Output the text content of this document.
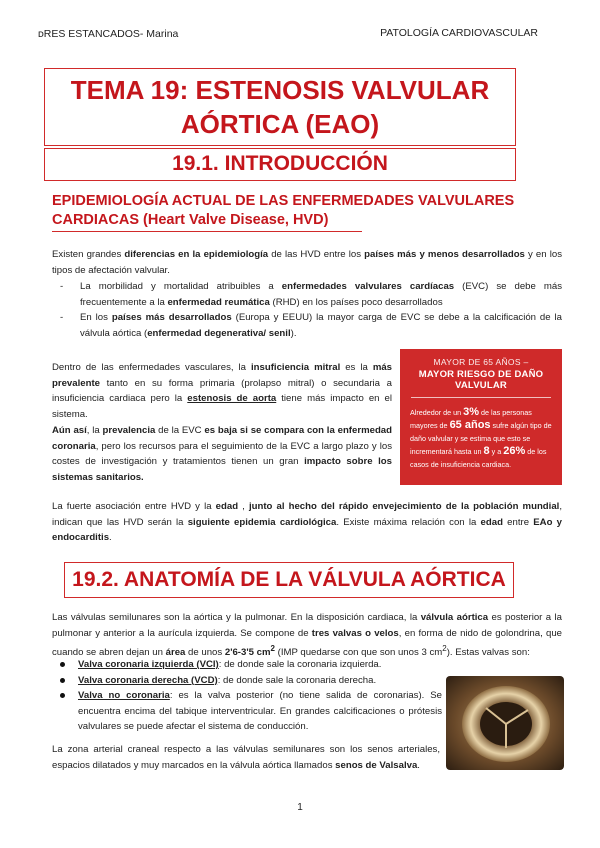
ᴅRES ESTANCADOS- Marina	PATOLOGÍA CARDIOVASCULAR
TEMA 19: ESTENOSIS VALVULAR
AÓRTICA (EAO)
19.1. INTRODUCCIÓN
EPIDEMIOLOGÍA ACTUAL DE LAS ENFERMEDADES VALVULARES
CARDIACAS (Heart Valve Disease, HVD)
Existen grandes diferencias en la epidemiología de las HVD entre los países más y menos desarrollados y en los tipos de afectación valvular.
- La morbilidad y mortalidad atribuibles a enfermedades valvulares cardíacas (EVC) se debe más frecuentemente a la enfermedad reumática (RHD) en los países poco desarrollados
- En los países más desarrollados (Europa y EEUU) la mayor carga de EVC se debe a la calcificación de la válvula aórtica (enfermedad degenerativa/ senil).
Dentro de las enfermedades vasculares, la insuficiencia mitral es la más prevalente tanto en su forma primaria (prolapso mitral) o secundaria a insuficiencia cardiaca pero la estenosis de aorta tiene más impacto en el sistema.
Aún así, la prevalencia de la EVC es baja si se compara con la enfermedad coronaria, pero los recursos para el seguimiento de la EVC a largo plazo y los costes de investigación y tratamientos tienen un gran impacto sobre los sistemas sanitarios.
MAYOR DE 65 AÑOS –
MAYOR RIESGO DE DAÑO VALVULAR
Alrededor de un 3% de las personas mayores de 65 años sufre algún tipo de daño valvular y se estima que esto se incrementará hasta un 8 y a 26% de los casos de insuficiencia cardiaca.
La fuerte asociación entre HVD y la edad , junto al hecho del rápido envejecimiento de la población mundial, indican que las HVD serán la siguiente epidemia cardiológica. Existe máxima relación con la edad entre EAo y endocarditis.
19.2. ANATOMÍA DE LA VÁLVULA AÓRTICA
Las válvulas semilunares son la aórtica y la pulmonar. En la disposición cardiaca, la válvula aórtica es posterior a la pulmonar y anterior a la aurícula izquierda. Se compone de tres valvas o velos, en forma de nido de golondrina, que cuando se abren dejan un área de unos 2'6-3'5 $cm^2$ (IMP quedarse con que son unos 3 $cm^2$). Estas valvas son:
Valva coronaria izquierda (VCI): de donde sale la coronaria izquierda.
Valva coronaria derecha (VCD): de donde sale la coronaria derecha.
Valva no coronaria: es la valva posterior (no tiene salida de coronarias). Se encuentra encima del tabique interventricular. En grandes calcificaciones o prótesis valvulares se puede afectar el sistema de conducción.
La zona arterial craneal respecto a las válvulas semilunares son los senos arteriales, espacios dilatados y muy marcados en la válvula aórtica llamados senos de Valsalva.
1
